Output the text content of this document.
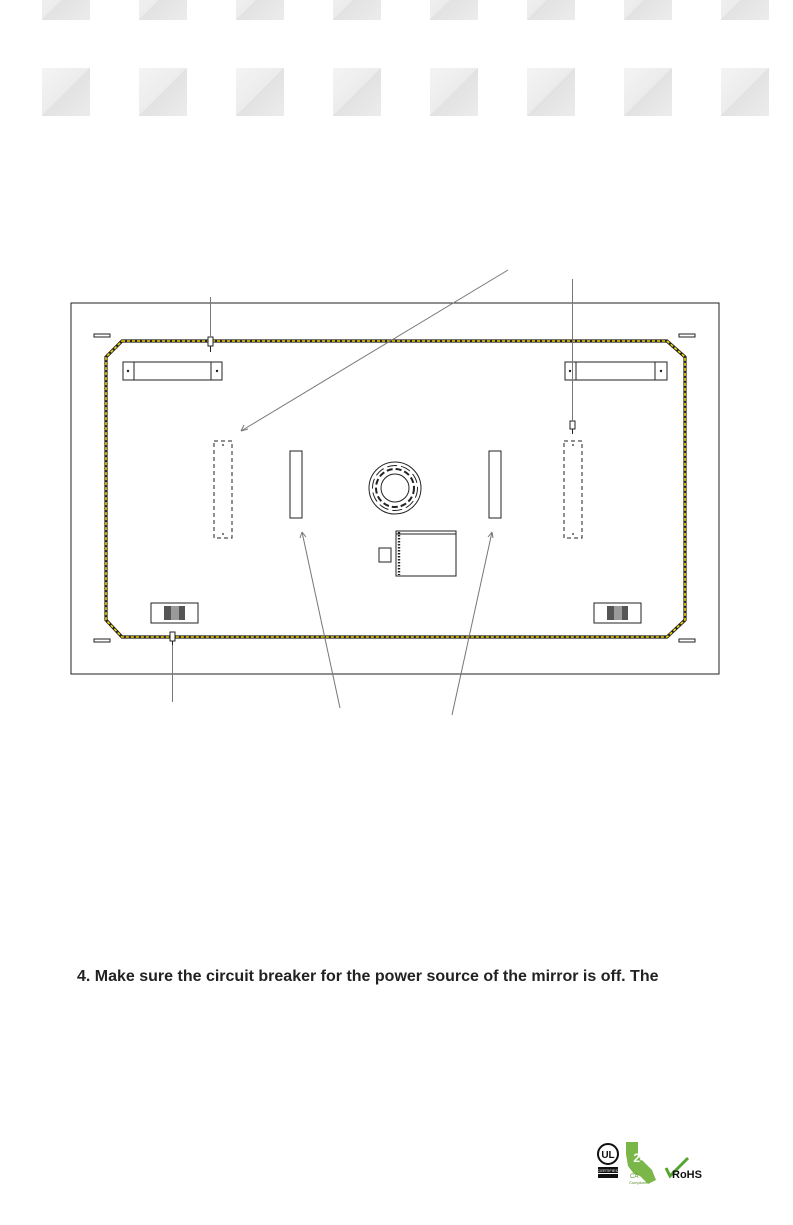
4. Make sure the circuit breaker for the power source of the mirror is off. The
UL
CERTIFIED
24
CA
Compliant
RoHS
